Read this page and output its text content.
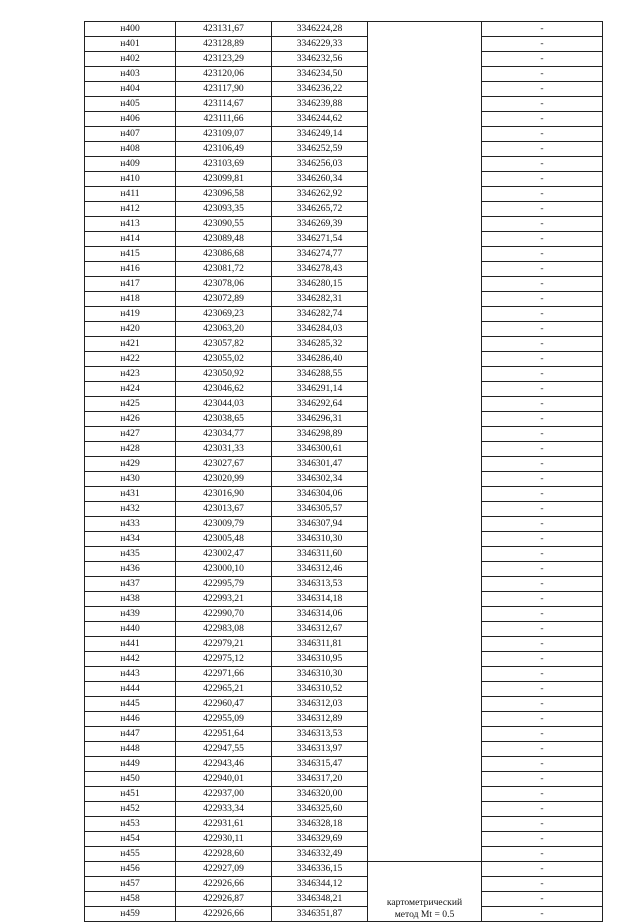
н400	423131,67	3346224,28		-
н401	423128,89	3346229,33		-
н402	423123,29	3346232,56		-
н403	423120,06	3346234,50		-
н404	423117,90	3346236,22		-
н405	423114,67	3346239,88		-
н406	423111,66	3346244,62		-
н407	423109,07	3346249,14		-
н408	423106,49	3346252,59		-
н409	423103,69	3346256,03		-
н410	423099,81	3346260,34		-
н411	423096,58	3346262,92		-
н412	423093,35	3346265,72		-
н413	423090,55	3346269,39		-
н414	423089,48	3346271,54		-
н415	423086,68	3346274,77		-
н416	423081,72	3346278,43		-
н417	423078,06	3346280,15		-
н418	423072,89	3346282,31		-
н419	423069,23	3346282,74		-
н420	423063,20	3346284,03		-
н421	423057,82	3346285,32		-
н422	423055,02	3346286,40		-
н423	423050,92	3346288,55		-
н424	423046,62	3346291,14		-
н425	423044,03	3346292,64		-
н426	423038,65	3346296,31		-
н427	423034,77	3346298,89		-
н428	423031,33	3346300,61		-
н429	423027,67	3346301,47		-
н430	423020,99	3346302,34		-
н431	423016,90	3346304,06		-
н432	423013,67	3346305,57		-
н433	423009,79	3346307,94		-
н434	423005,48	3346310,30		-
н435	423002,47	3346311,60		-
н436	423000,10	3346312,46		-
н437	422995,79	3346313,53		-
н438	422993,21	3346314,18		-
н439	422990,70	3346314,06		-
н440	422983,08	3346312,67		-
н441	422979,21	3346311,81		-
н442	422975,12	3346310,95		-
н443	422971,66	3346310,30		-
н444	422965,21	3346310,52		-
н445	422960,47	3346312,03		-
н446	422955,09	3346312,89		-
н447	422951,64	3346313,53		-
н448	422947,55	3346313,97		-
н449	422943,46	3346315,47		-
н450	422940,01	3346317,20		-
н451	422937,00	3346320,00		-
н452	422933,34	3346325,60		-
н453	422931,61	3346328,18		-
н454	422930,11	3346329,69		-
н455	422928,60	3346332,49		-
н456	422927,09	3346336,15	картометрический
метод Mt = 0.5	-
н457	422926,66	3346344,12		-
н458	422926,87	3346348,21		-
н459	422926,66	3346351,87		-
